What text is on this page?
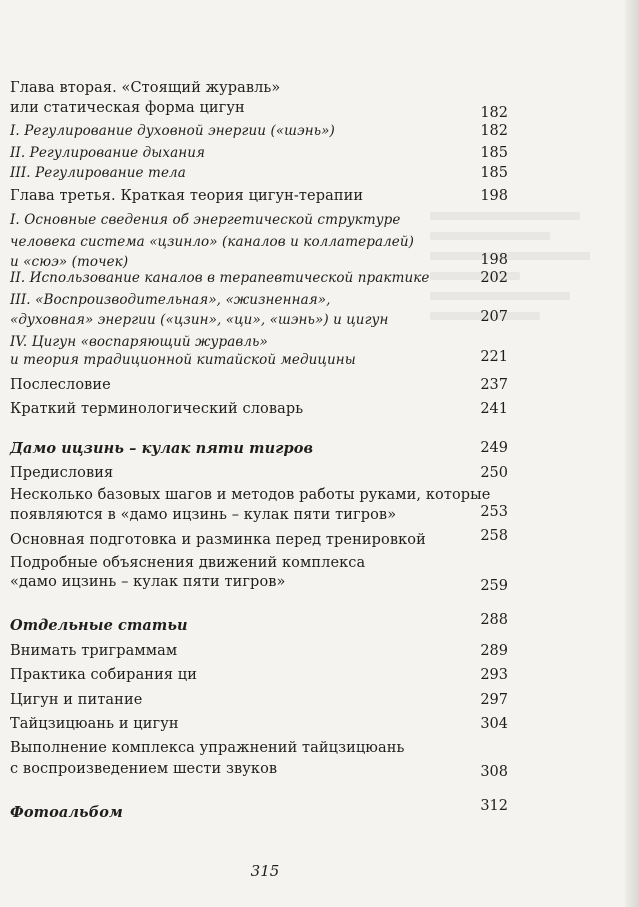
Глава вторая. «Стоящий журавль»
или статическая форма цигун	182
I. Регулирование духовной энергии («шэнь»)	182
II. Регулирование дыхания	185
III. Регулирование тела	185
Глава третья. Краткая теория цигун-терапии	198
I. Основные сведения об энергетической структуре
человека система «цзинло» (каналов и коллатералей)
и «сюэ» (точек)	198
II. Использование каналов в терапевтической практике	202
III. «Воспроизводительная», «жизненная»,
«духовная» энергии («цзин», «ци», «шэнь») и цигун	207
IV. Цигун «воспаряющий журавль»
и теория традиционной китайской медицины	221
Послесловие	237
Краткий терминологический словарь	241
Дамо ицзинь – кулак пяти тигров	249
Предисловия	250
Несколько базовых шагов и методов работы руками, которые
появляются в «дамо ицзинь – кулак пяти тигров»	253
Основная подготовка и разминка перед тренировкой	258
Подробные объяснения движений комплекса
«дамо ицзинь – кулак пяти тигров»	259
Отдельные статьи	288
Внимать триграммам	289
Практика собирания ци	293
Цигун и питание	297
Тайцзицюань и цигун	304
Выполнение комплекса упражнений тайцзицюань
с воспроизведением шести звуков	308
Фотоальбом	312
315
